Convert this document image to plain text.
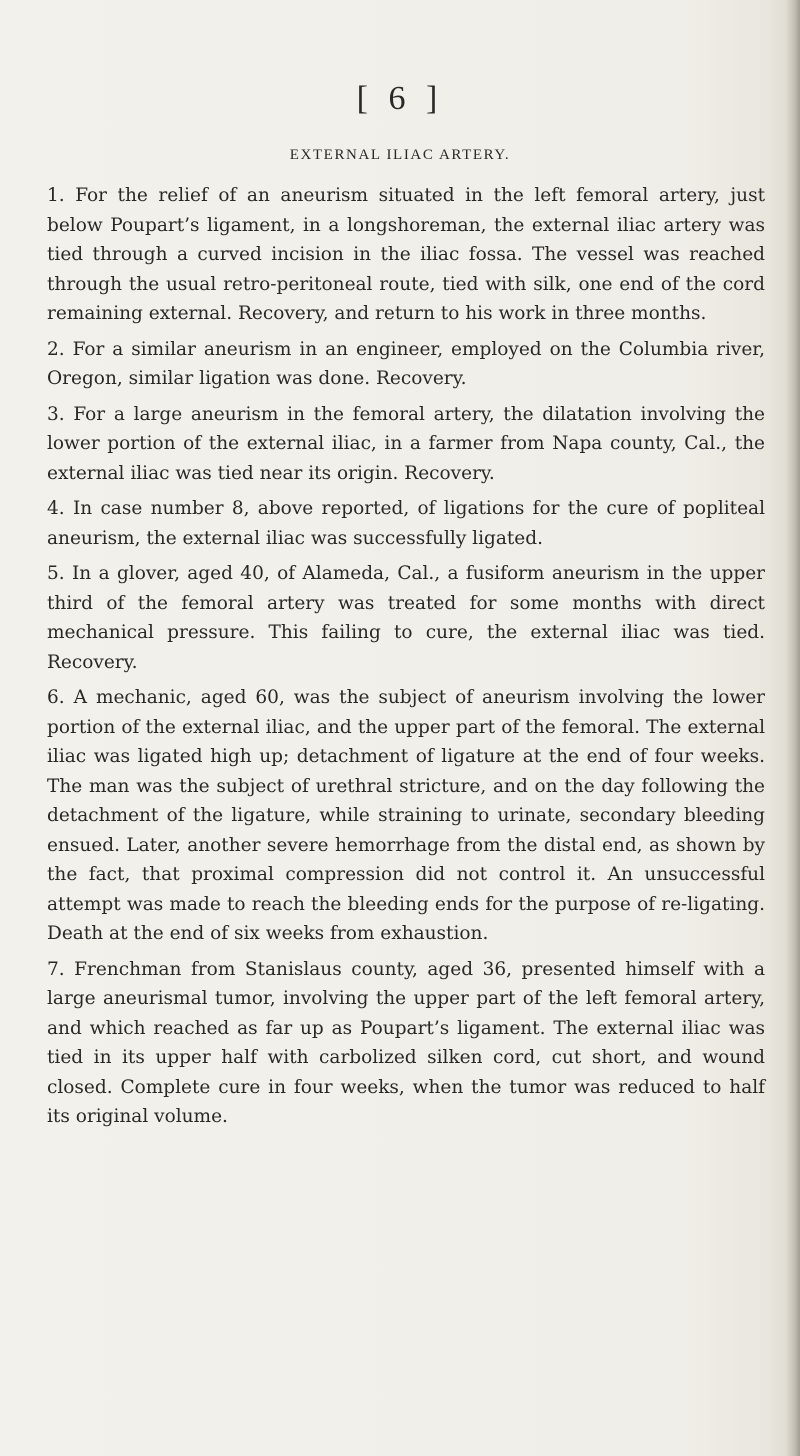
[ 6 ]
EXTERNAL ILIAC ARTERY.

1. For the relief of an aneurism situated in the left femoral artery, just below Poupart’s ligament, in a longshoreman, the external iliac artery was tied through a curved incision in the iliac fossa. The vessel was reached through the usual retro-peritoneal route, tied with silk, one end of the cord remaining external. Recovery, and return to his work in three months.

2. For a similar aneurism in an engineer, employed on the Columbia river, Oregon, similar ligation was done. Recovery.

3. For a large aneurism in the femoral artery, the dilatation involving the lower portion of the external iliac, in a farmer from Napa county, Cal., the external iliac was tied near its origin. Recovery.

4. In case number 8, above reported, of ligations for the cure of popliteal aneurism, the external iliac was successfully ligated.

5. In a glover, aged 40, of Alameda, Cal., a fusiform aneurism in the upper third of the femoral artery was treated for some months with direct mechanical pressure. This failing to cure, the external iliac was tied. Recovery.

6. A mechanic, aged 60, was the subject of aneurism involving the lower portion of the external iliac, and the upper part of the femoral. The external iliac was ligated high up; detachment of ligature at the end of four weeks. The man was the subject of urethral stricture, and on the day following the detachment of the ligature, while straining to urinate, secondary bleeding ensued. Later, another severe hemorrhage from the distal end, as shown by the fact, that proximal compression did not control it. An unsuccessful attempt was made to reach the bleeding ends for the purpose of re-ligating. Death at the end of six weeks from exhaustion.

7. Frenchman from Stanislaus county, aged 36, presented himself with a large aneurismal tumor, involving the upper part of the left femoral artery, and which reached as far up as Poupart’s ligament. The external iliac was tied in its upper half with carbolized silken cord, cut short, and wound closed. Complete cure in four weeks, when the tumor was reduced to half its original volume.
